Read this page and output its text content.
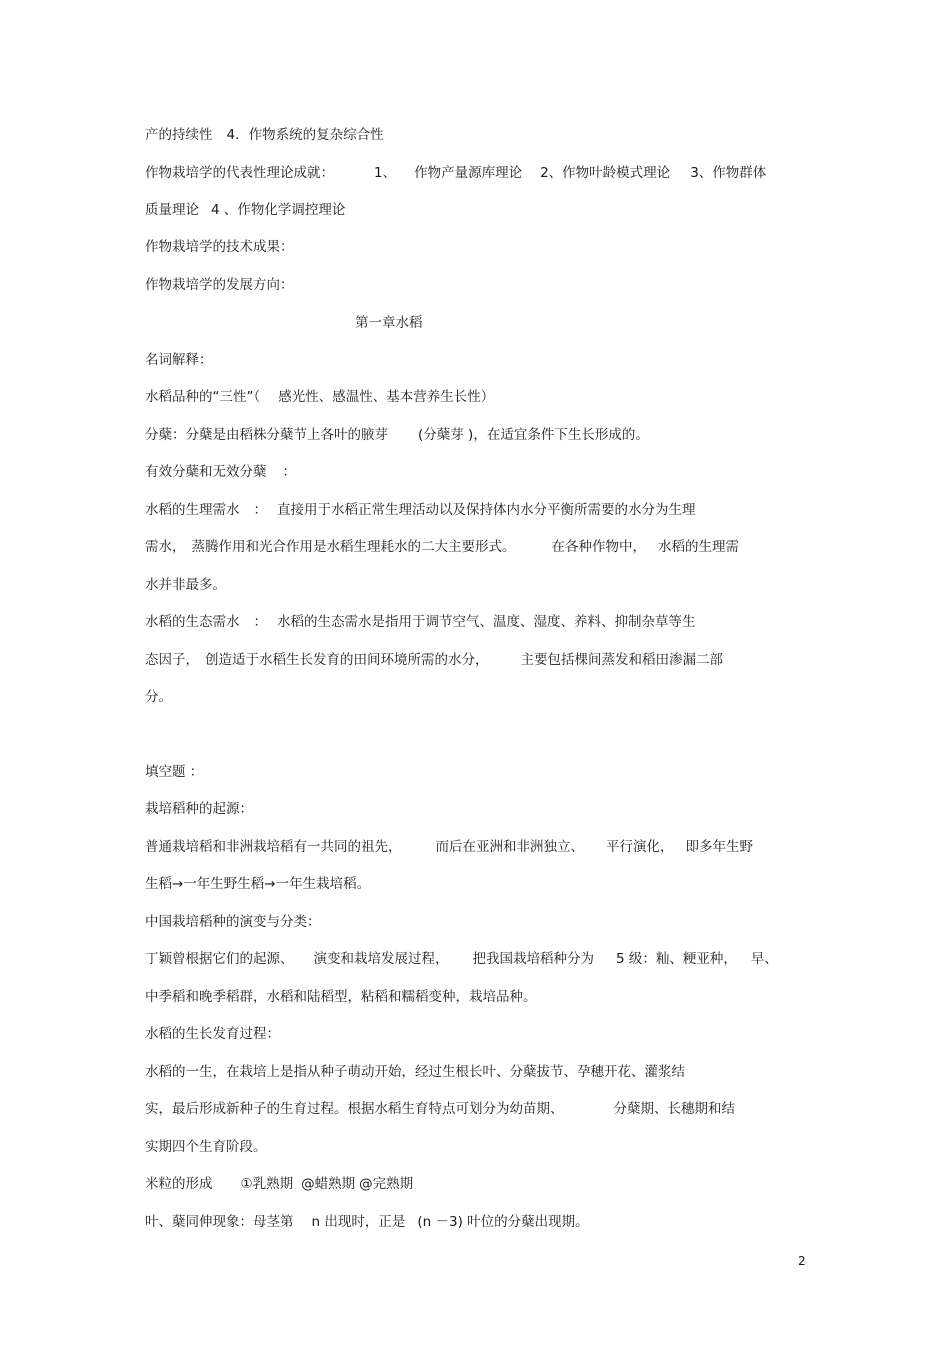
产的持续性 4．作物系统的复杂综合性
作物栽培学的代表性理论成就：	1、 作物产量源库理论 2、作物叶龄模式理论 3、作物群体
质量理论 4 、作物化学调控理论
作物栽培学的技术成果：
作物栽培学的发展方向：
第一章水稻
名词解释：
水稻品种的“三性”（ 感光性、感温性、基本营养生长性）
分蘖：分蘖是由稻株分蘖节上各叶的腋芽 (分蘖芽 )，在适宜条件下生长形成的。
有效分蘖和无效分蘖 ：
水稻的生理需水 ： 直接用于水稻正常生理活动以及保持体内水分平衡所需要的水分为生理
需水， 蒸腾作用和光合作用是水稻生理耗水的二大主要形式。	在各种作物中， 水稻的生理需
水并非最多。
水稻的生态需水 ： 水稻的生态需水是指用于调节空气、温度、湿度、养料、抑制杂草等生
态因子， 创造适于水稻生长发育的田间环境所需的水分， 主要包括棵间蒸发和稻田渗漏二部
分。
填空题 ：
栽培稻种的起源：
普通栽培稻和非洲栽培稻有一共同的祖先，	而后在亚洲和非洲独立、 平行演化， 即多年生野
生稻→一年生野生稻→一年生栽培稻。
中国栽培稻种的演变与分类：
丁颖曾根据它们的起源、 演变和栽培发展过程， 把我国栽培稻种分为 5 级：籼、粳亚种， 早、
中季稻和晚季稻群，水稻和陆稻型，粘稻和糯稻变种，栽培品种。
水稻的生长发育过程：
水稻的一生，在栽培上是指从种子萌动开始，经过生根长叶、分蘖拔节、孕穗开花、灌浆结
实，最后形成新种子的生育过程。根据水稻生育特点可划分为幼苗期、	分蘖期、长穗期和结
实期四个生育阶段。
米粒的形成 ①乳熟期 @蜡熟期 @完熟期
叶、蘖同伸现象：母茎第 n 出现时，正是 (n －3) 叶位的分蘖出现期。
2
